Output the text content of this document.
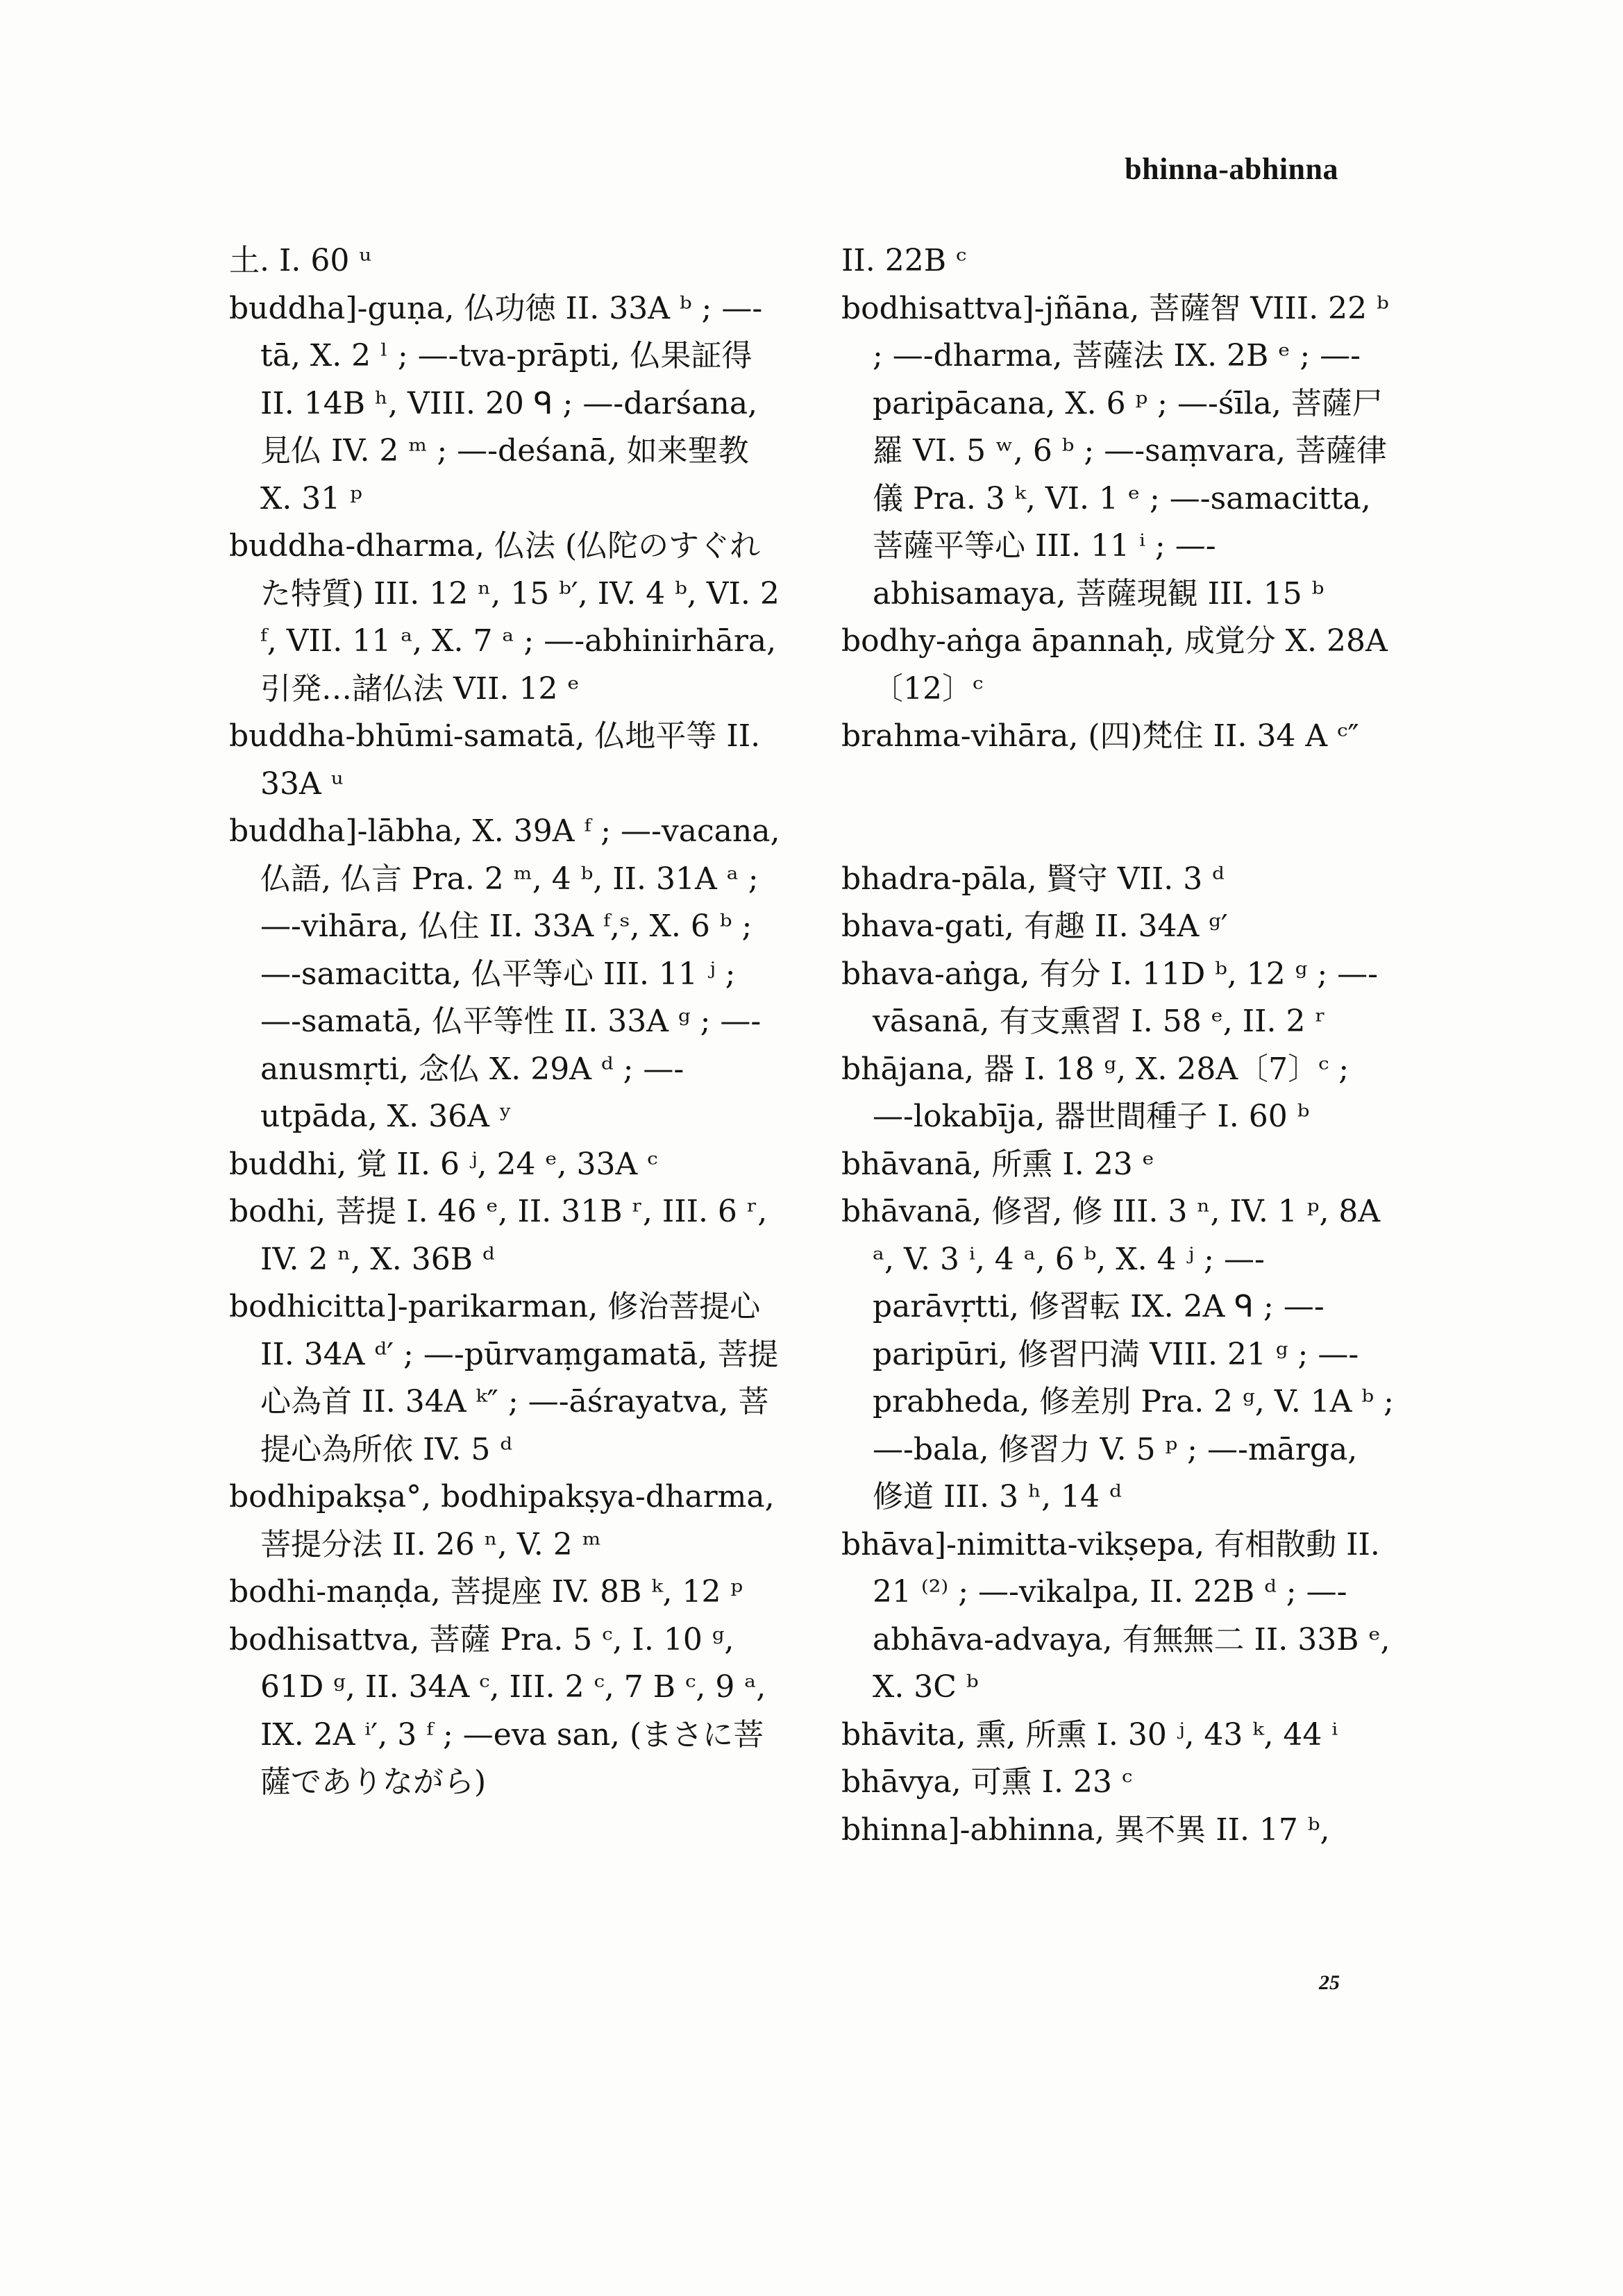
bhinna-abhinna

土. I. 60 ᵘ

buddha]-guṇa, 仏功徳 II. 33A ᵇ ; —-tā, X. 2 ˡ ; —-tva-prāpti, 仏果証得 II. 14B ʰ, VIII. 20 ᑫ ; —-darśana, 見仏 IV. 2 ᵐ ; —-deśanā, 如来聖教 X. 31 ᵖ

buddha-dharma, 仏法 (仏陀のすぐれた特質) III. 12 ⁿ, 15 ᵇ′, IV. 4 ᵇ, VI. 2 ᶠ, VII. 11 ᵃ, X. 7 ᵃ ; —-abhinirhāra, 引発…諸仏法 VII. 12 ᵉ

buddha-bhūmi-samatā, 仏地平等 II. 33A ᵘ

buddha]-lābha, X. 39A ᶠ ; —-vacana, 仏語, 仏言 Pra. 2 ᵐ, 4 ᵇ, II. 31A ᵃ ; —-vihāra, 仏住 II. 33A ᶠ,ˢ, X. 6 ᵇ ; —-samacitta, 仏平等心 III. 11 ʲ ; —-samatā, 仏平等性 II. 33A ᵍ ; —-anusmṛti, 念仏 X. 29A ᵈ ; —-utpāda, X. 36A ʸ

buddhi, 覚 II. 6 ʲ, 24 ᵉ, 33A ᶜ

bodhi, 菩提 I. 46 ᵉ, II. 31B ʳ, III. 6 ʳ, IV. 2 ⁿ, X. 36B ᵈ

bodhicitta]-parikarman, 修治菩提心 II. 34A ᵈ′ ; —-pūrvaṃgamatā, 菩提心為首 II. 34A ᵏ″ ; —-āśrayatva, 菩提心為所依 IV. 5 ᵈ

bodhipakṣa°, bodhipakṣya-dharma, 菩提分法 II. 26 ⁿ, V. 2 ᵐ

bodhi-maṇḍa, 菩提座 IV. 8B ᵏ, 12 ᵖ

bodhisattva, 菩薩 Pra. 5 ᶜ, I. 10 ᵍ, 61D ᵍ, II. 34A ᶜ, III. 2 ᶜ, 7 B ᶜ, 9 ᵃ, IX. 2A ⁱ′, 3 ᶠ ; —eva san, (まさに菩薩でありながら)

II. 22B ᶜ

bodhisattva]-jñāna, 菩薩智 VIII. 22 ᵇ ; —-dharma, 菩薩法 IX. 2B ᵉ ; —-paripācana, X. 6 ᵖ ; —-śīla, 菩薩尸羅 VI. 5 ʷ, 6 ᵇ ; —-saṃvara, 菩薩律儀 Pra. 3 ᵏ, VI. 1 ᵉ ; —-samacitta, 菩薩平等心 III. 11 ⁱ ; —-abhisamaya, 菩薩現観 III. 15 ᵇ

bodhy-aṅga āpannaḥ, 成覚分 X. 28A〔12〕ᶜ

brahma-vihāra, (四)梵住 II. 34 A ᶜ″

bhadra-pāla, 賢守 VII. 3 ᵈ

bhava-gati, 有趣 II. 34A ᵍ′

bhava-aṅga, 有分 I. 11D ᵇ, 12 ᵍ ; —-vāsanā, 有支熏習 I. 58 ᵉ, II. 2 ʳ

bhājana, 器 I. 18 ᵍ, X. 28A〔7〕ᶜ ; —-lokabīja, 器世間種子 I. 60 ᵇ

bhāvanā, 所熏 I. 23 ᵉ

bhāvanā, 修習, 修 III. 3 ⁿ, IV. 1 ᵖ, 8A ᵃ, V. 3 ⁱ, 4 ᵃ, 6 ᵇ, X. 4 ʲ ; —-parāvṛtti, 修習転 IX. 2A ᑫ ; —-paripūri, 修習円満 VIII. 21 ᵍ ; —-prabheda, 修差別 Pra. 2 ᵍ, V. 1A ᵇ ; —-bala, 修習力 V. 5 ᵖ ; —-mārga, 修道 III. 3 ʰ, 14 ᵈ

bhāva]-nimitta-vikṣepa, 有相散動 II. 21 ⁽²⁾ ; —-vikalpa, II. 22B ᵈ ; —-abhāva-advaya, 有無無二 II. 33B ᵉ, X. 3C ᵇ

bhāvita, 熏, 所熏 I. 30 ʲ, 43 ᵏ, 44 ⁱ

bhāvya, 可熏 I. 23 ᶜ

bhinna]-abhinna, 異不異 II. 17 ᵇ,

25
